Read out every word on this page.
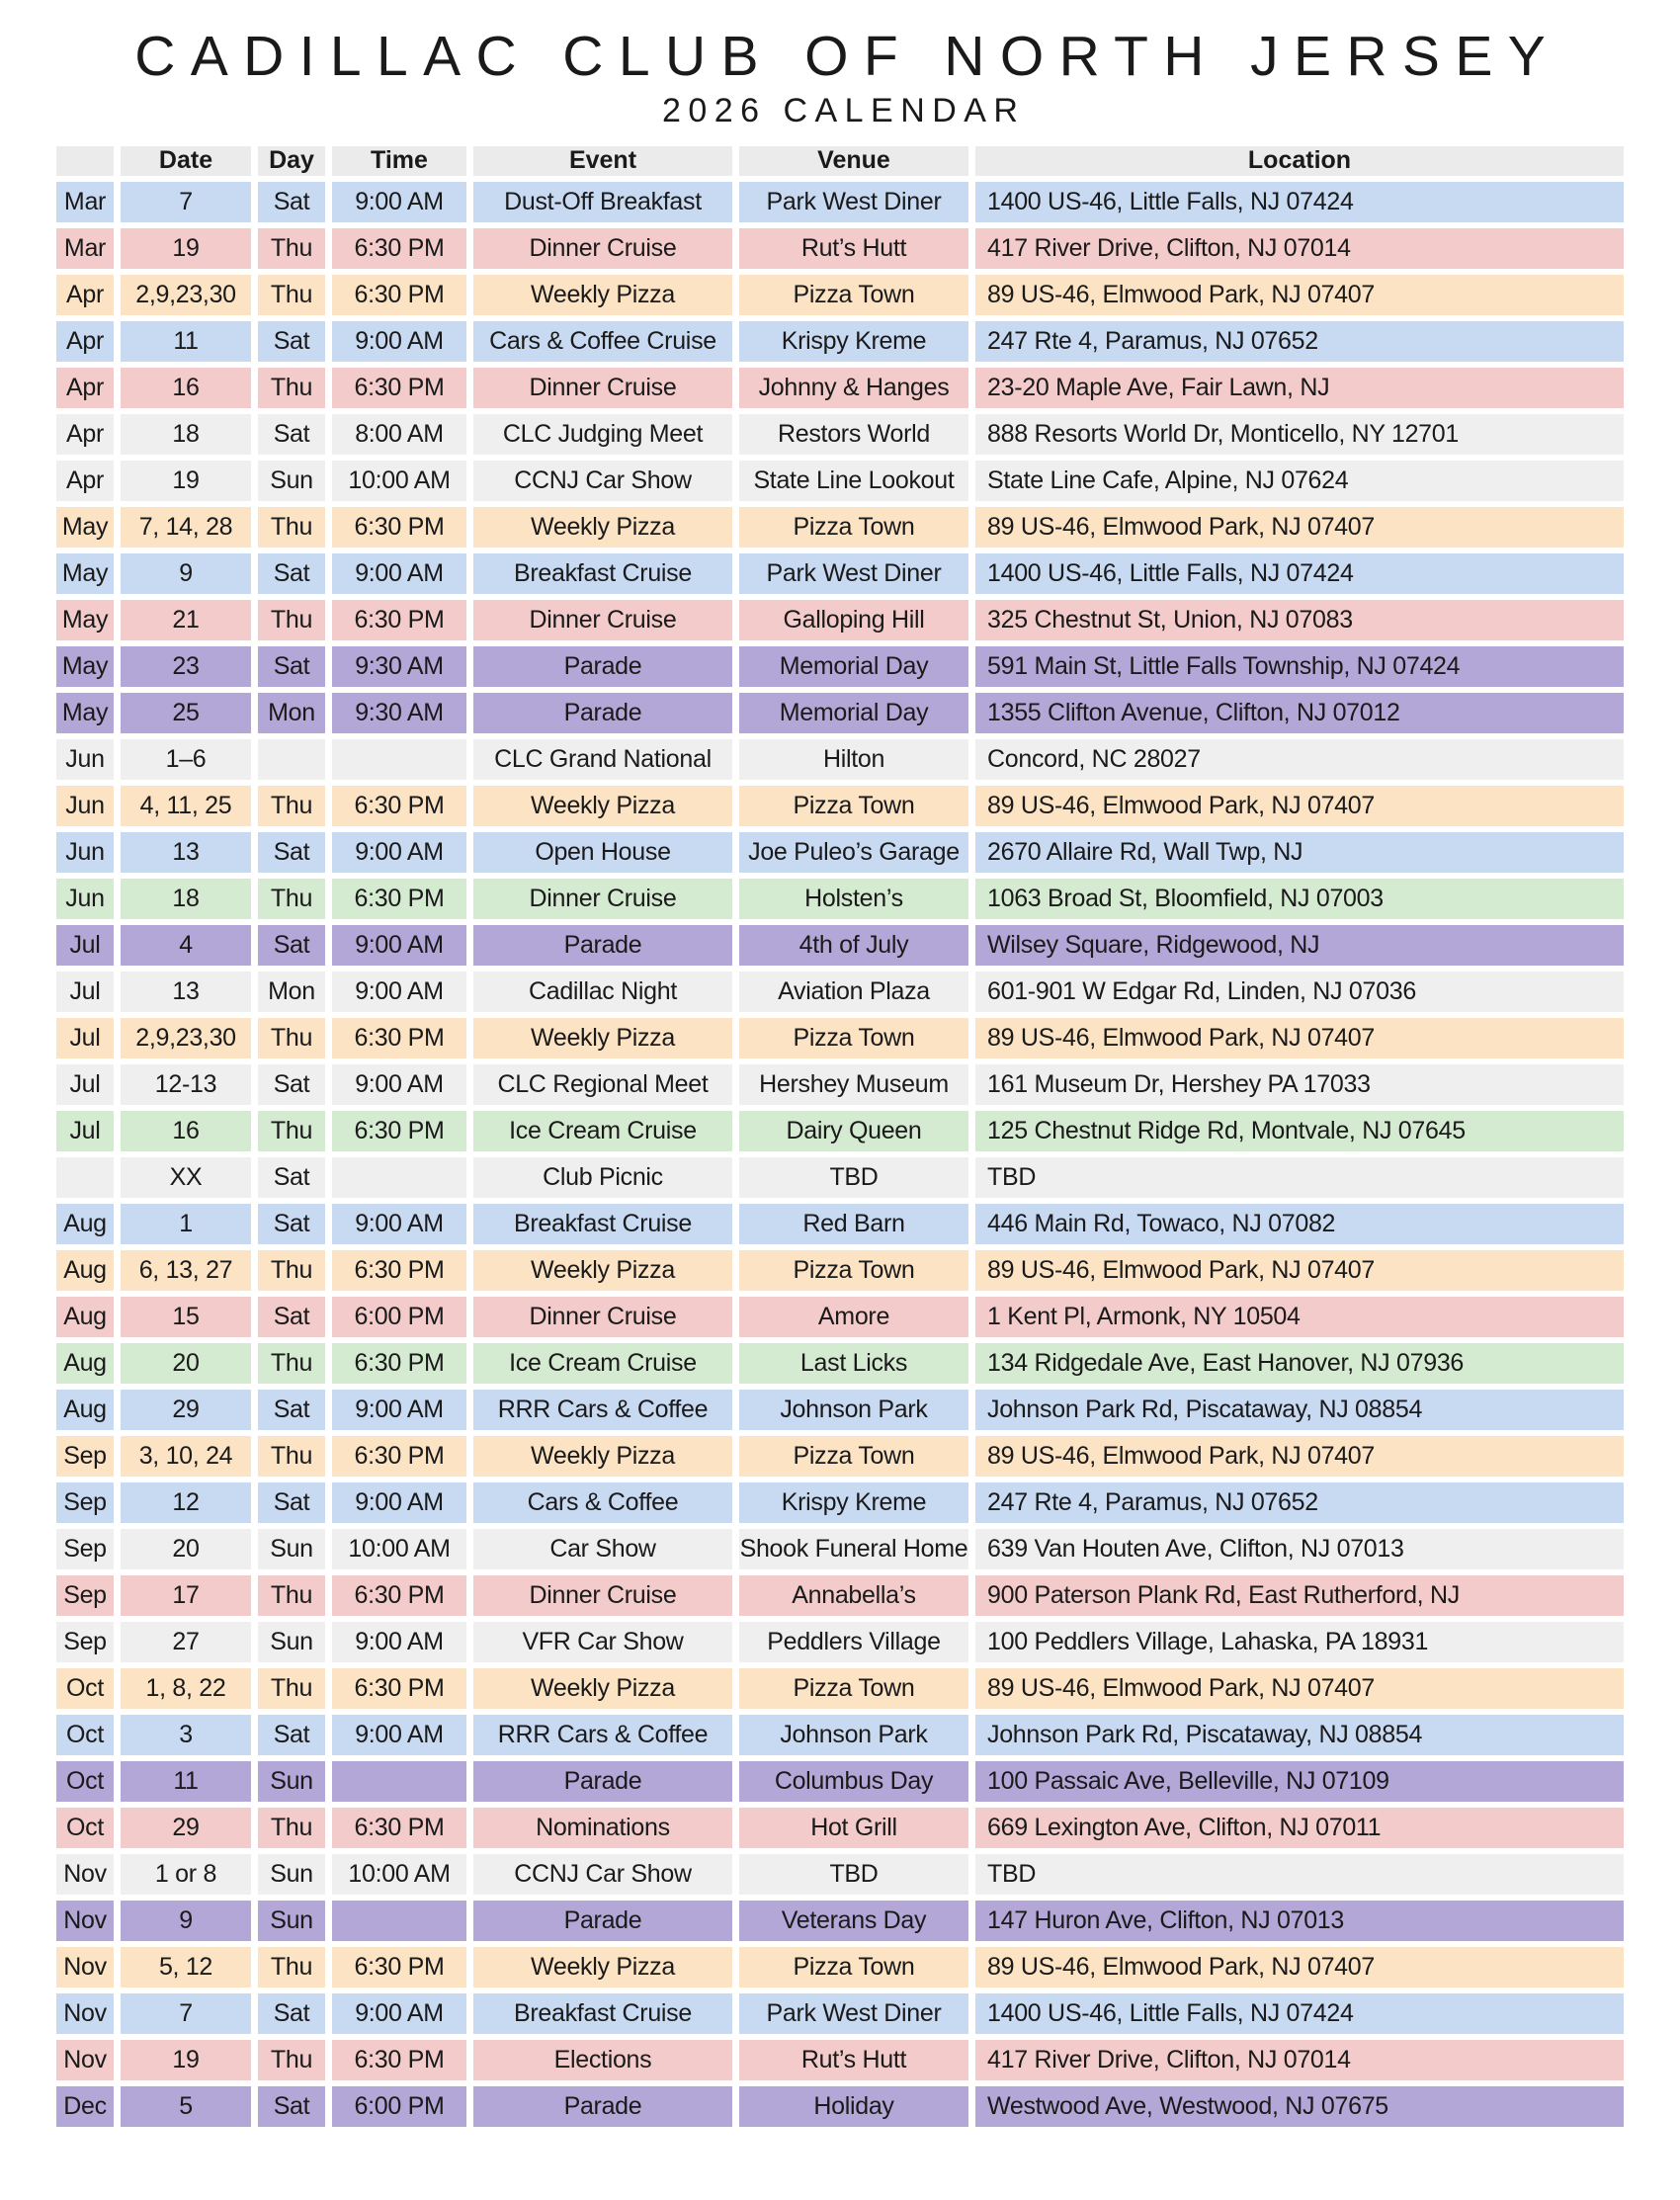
CADILLAC CLUB OF NORTH JERSEY
2026 CALENDAR
	Date	Day	Time	Event	Venue	Location
Mar	7	Sat	9:00 AM	Dust-Off Breakfast	Park West Diner	1400 US-46, Little Falls, NJ 07424
Mar	19	Thu	6:30 PM	Dinner Cruise	Rut’s Hutt	417 River Drive, Clifton, NJ 07014
Apr	2,9,23,30	Thu	6:30 PM	Weekly Pizza	Pizza Town	89 US-46, Elmwood Park, NJ 07407
Apr	11	Sat	9:00 AM	Cars & Coffee Cruise	Krispy Kreme	247 Rte 4, Paramus, NJ 07652
Apr	16	Thu	6:30 PM	Dinner Cruise	Johnny & Hanges	23-20 Maple Ave, Fair Lawn, NJ
Apr	18	Sat	8:00 AM	CLC Judging Meet	Restors World	888 Resorts World Dr, Monticello, NY 12701
Apr	19	Sun	10:00 AM	CCNJ Car Show	State Line Lookout	State Line Cafe, Alpine, NJ 07624
May	7, 14, 28	Thu	6:30 PM	Weekly Pizza	Pizza Town	89 US-46, Elmwood Park, NJ 07407
May	9	Sat	9:00 AM	Breakfast Cruise	Park West Diner	1400 US-46, Little Falls, NJ 07424
May	21	Thu	6:30 PM	Dinner Cruise	Galloping Hill	325 Chestnut St, Union, NJ 07083
May	23	Sat	9:30 AM	Parade	Memorial Day	591 Main St, Little Falls Township, NJ 07424
May	25	Mon	9:30 AM	Parade	Memorial Day	1355 Clifton Avenue, Clifton, NJ 07012
Jun	1–6			CLC Grand National	Hilton	Concord, NC 28027
Jun	4, 11, 25	Thu	6:30 PM	Weekly Pizza	Pizza Town	89 US-46, Elmwood Park, NJ 07407
Jun	13	Sat	9:00 AM	Open House	Joe Puleo’s Garage	2670 Allaire Rd, Wall Twp, NJ
Jun	18	Thu	6:30 PM	Dinner Cruise	Holsten’s	1063 Broad St, Bloomfield, NJ 07003
Jul	4	Sat	9:00 AM	Parade	4th of July	Wilsey Square, Ridgewood, NJ
Jul	13	Mon	9:00 AM	Cadillac Night	Aviation Plaza	601-901 W Edgar Rd, Linden, NJ 07036
Jul	2,9,23,30	Thu	6:30 PM	Weekly Pizza	Pizza Town	89 US-46, Elmwood Park, NJ 07407
Jul	12-13	Sat	9:00 AM	CLC Regional Meet	Hershey Museum	161 Museum Dr, Hershey PA 17033
Jul	16	Thu	6:30 PM	Ice Cream Cruise	Dairy Queen	125 Chestnut Ridge Rd, Montvale, NJ 07645
	XX	Sat		Club Picnic	TBD	TBD
Aug	1	Sat	9:00 AM	Breakfast Cruise	Red Barn	446 Main Rd, Towaco, NJ 07082
Aug	6, 13, 27	Thu	6:30 PM	Weekly Pizza	Pizza Town	89 US-46, Elmwood Park, NJ 07407
Aug	15	Sat	6:00 PM	Dinner Cruise	Amore	1 Kent Pl, Armonk, NY 10504
Aug	20	Thu	6:30 PM	Ice Cream Cruise	Last Licks	134 Ridgedale Ave, East Hanover, NJ 07936
Aug	29	Sat	9:00 AM	RRR Cars & Coffee	Johnson Park	Johnson Park Rd, Piscataway, NJ 08854
Sep	3, 10, 24	Thu	6:30 PM	Weekly Pizza	Pizza Town	89 US-46, Elmwood Park, NJ 07407
Sep	12	Sat	9:00 AM	Cars & Coffee	Krispy Kreme	247 Rte 4, Paramus, NJ 07652
Sep	20	Sun	10:00 AM	Car Show	Shook Funeral Home	639 Van Houten Ave, Clifton, NJ 07013
Sep	17	Thu	6:30 PM	Dinner Cruise	Annabella’s	900 Paterson Plank Rd, East Rutherford, NJ
Sep	27	Sun	9:00 AM	VFR Car Show	Peddlers Village	100 Peddlers Village, Lahaska, PA 18931
Oct	1, 8, 22	Thu	6:30 PM	Weekly Pizza	Pizza Town	89 US-46, Elmwood Park, NJ 07407
Oct	3	Sat	9:00 AM	RRR Cars & Coffee	Johnson Park	Johnson Park Rd, Piscataway, NJ 08854
Oct	11	Sun		Parade	Columbus Day	100 Passaic Ave, Belleville, NJ 07109
Oct	29	Thu	6:30 PM	Nominations	Hot Grill	669 Lexington Ave, Clifton, NJ 07011
Nov	1 or 8	Sun	10:00 AM	CCNJ Car Show	TBD	TBD
Nov	9	Sun		Parade	Veterans Day	147 Huron Ave, Clifton, NJ 07013
Nov	5, 12	Thu	6:30 PM	Weekly Pizza	Pizza Town	89 US-46, Elmwood Park, NJ 07407
Nov	7	Sat	9:00 AM	Breakfast Cruise	Park West Diner	1400 US-46, Little Falls, NJ 07424
Nov	19	Thu	6:30 PM	Elections	Rut’s Hutt	417 River Drive, Clifton, NJ 07014
Dec	5	Sat	6:00 PM	Parade	Holiday	Westwood Ave, Westwood, NJ 07675
